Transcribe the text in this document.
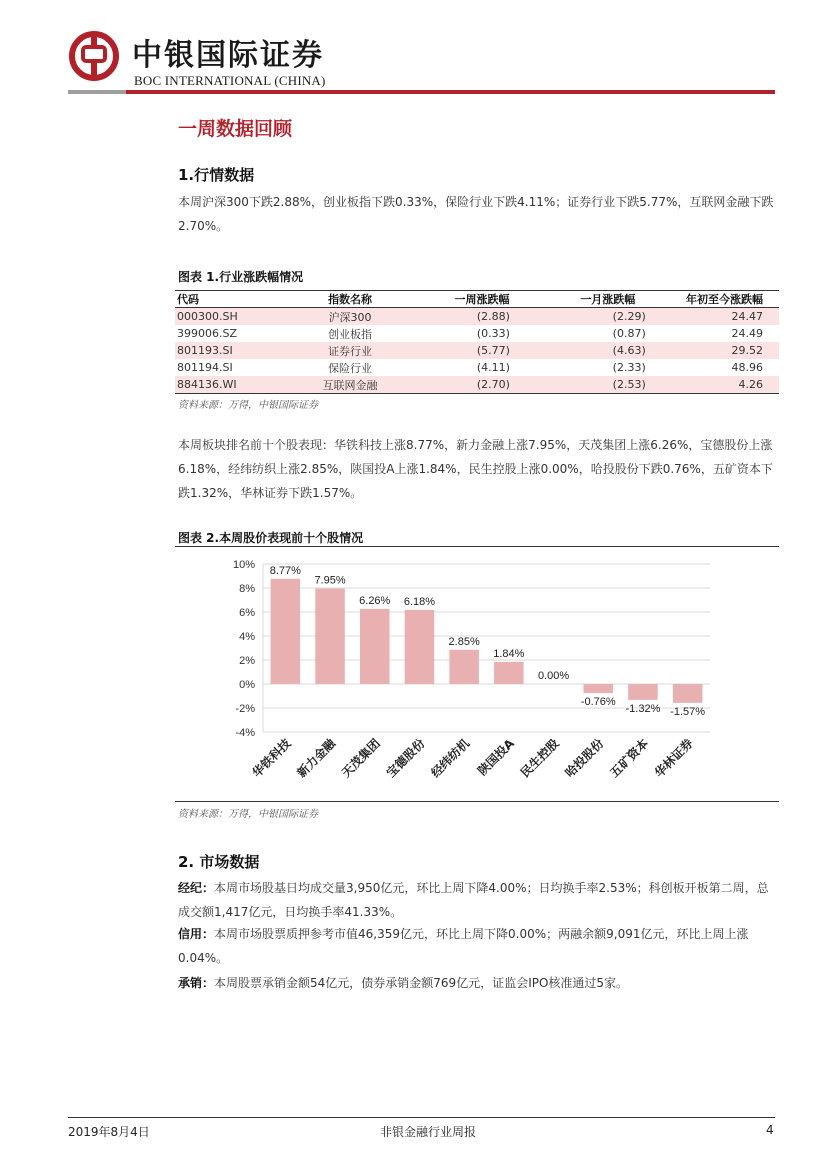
中银国际证券
BOC INTERNATIONAL (CHINA)
一周数据回顾
1.行情数据
本周沪深300下跌2.88%，创业板指下跌0.33%，保险行业下跌4.11%；证券行业下跌5.77%，互联网金融下跌2.70%。
图表 1.行业涨跌幅情况
代码	指数名称	一周涨跌幅	一月涨跌幅	年初至今涨跌幅
000300.SH	沪深300	(2.88)	(2.29)	24.47
399006.SZ	创业板指	(0.33)	(0.87)	24.49
801193.SI	证券行业	(5.77)	(4.63)	29.52
801194.SI	保险行业	(4.11)	(2.33)	48.96
884136.WI	互联网金融	(2.70)	(2.53)	4.26
资料来源：万得，中银国际证券
本周板块排名前十个股表现：华铁科技上涨8.77%，新力金融上涨7.95%，天茂集团上涨6.26%，宝德股份上涨6.18%，经纬纺织上涨2.85%，陕国投A上涨1.84%，民生控股上涨0.00%，哈投股份下跌0.76%，五矿资本下跌1.32%，华林证券下跌1.57%。
图表 2.本周股价表现前十个股情况
10%
8%
6%
4%
2%
0%
-2%
-4%
8.77%
7.95%
6.26% 6.18%
2.85%
1.84%
0.00%
-0.76%
-1.32% -1.57%
华铁科技 新力金融 天茂集团 宝德股份 经纬纺机 陕国投A 民生控股 哈投股份 五矿资本 华林证券
资料来源：万得，中银国际证券
2. 市场数据
经纪：本周市场股基日均成交量3,950亿元，环比上周下降4.00%；日均换手率2.53%；科创板开板第二周，总成交额1,417亿元，日均换手率41.33%。
信用：本周市场股票质押参考市值46,359亿元，环比上周下降0.00%；两融余额9,091亿元，环比上周上涨0.04%。
承销：本周股票承销金额54亿元，债券承销金额769亿元，证监会IPO核准通过5家。
2019年8月4日	非银金融行业周报	4
